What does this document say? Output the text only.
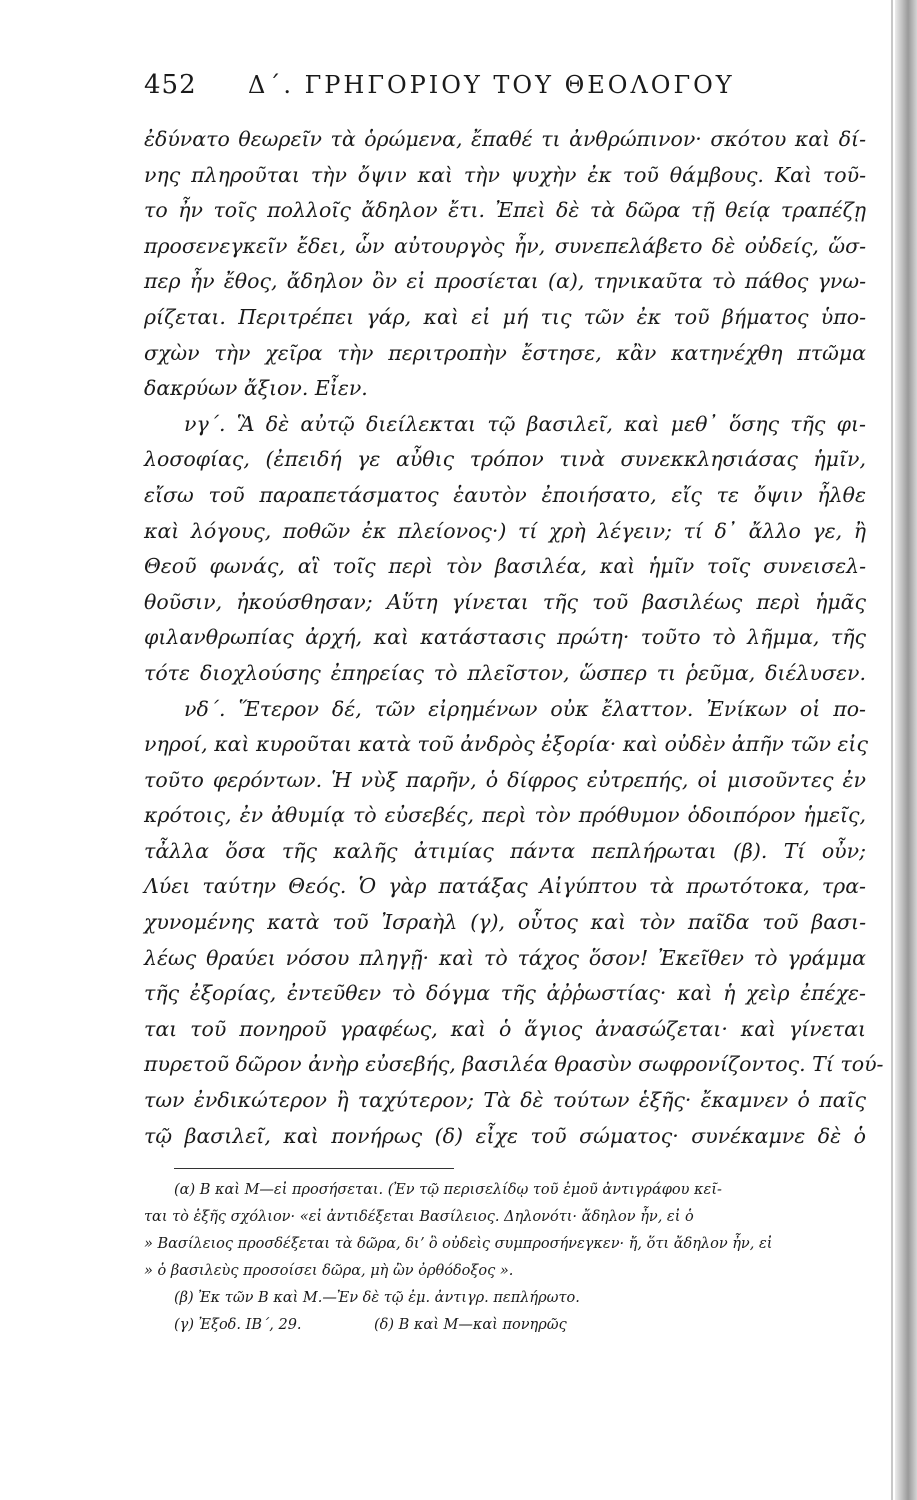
452	Δ΄. ΓΡΗΓΟΡΙΟΥ ΤΟΥ ΘΕΟΛΟΓΟΥ
ἐδύνατο θεωρεῖν τὰ ὁρώμενα, ἔπαθέ τι ἀνθρώπινον· σκότου καὶ δί-
νης πληροῦται τὴν ὄψιν καὶ τὴν ψυχὴν ἐκ τοῦ θάμβους. Καὶ τοῦ-
το ἦν τοῖς πολλοῖς ἄδηλον ἔτι. Ἐπεὶ δὲ τὰ δῶρα τῇ θείᾳ τραπέζῃ
προσενεγκεῖν ἔδει, ὧν αὐτουργὸς ἦν, συνεπελάβετο δὲ οὐδείς, ὥσ-
περ ἦν ἔθος, ἄδηλον ὂν εἰ προσίεται (α), τηνικαῦτα τὸ πάθος γνω-
ρίζεται. Περιτρέπει γάρ, καὶ εἰ μή τις τῶν ἐκ τοῦ βήματος ὑπο-
σχὼν τὴν χεῖρα τὴν περιτροπὴν ἔστησε, κἂν κατηνέχθη πτῶμα
δακρύων ἄξιον. Εἶεν.
νγ΄. Ἃ δὲ αὐτῷ διείλεκται τῷ βασιλεῖ, καὶ μεθ᾽ ὅσης τῆς φι-
λοσοφίας, (ἐπειδή γε αὖθις τρόπον τινὰ συνεκκλησιάσας ἡμῖν,
εἴσω τοῦ παραπετάσματος ἑαυτὸν ἐποιήσατο, εἴς τε ὄψιν ἦλθε
καὶ λόγους, ποθῶν ἐκ πλείονος·) τί χρὴ λέγειν; τί δ᾽ ἄλλο γε, ἢ
Θεοῦ φωνάς, αἳ τοῖς περὶ τὸν βασιλέα, καὶ ἡμῖν τοῖς συνεισελ-
θοῦσιν, ἠκούσθησαν; Αὕτη γίνεται τῆς τοῦ βασιλέως περὶ ἡμᾶς
φιλανθρωπίας ἀρχή, καὶ κατάστασις πρώτη· τοῦτο τὸ λῆμμα, τῆς
τότε διοχλούσης ἐπηρείας τὸ πλεῖστον, ὥσπερ τι ῥεῦμα, διέλυσεν.
νδ΄. Ἕτερον δέ, τῶν εἰρημένων οὐκ ἔλαττον. Ἐνίκων οἱ πο-
νηροί, καὶ κυροῦται κατὰ τοῦ ἀνδρὸς ἐξορία· καὶ οὐδὲν ἀπῆν τῶν εἰς
τοῦτο φερόντων. Ἡ νὺξ παρῆν, ὁ δίφρος εὐτρεπής, οἱ μισοῦντες ἐν
κρότοις, ἐν ἀθυμίᾳ τὸ εὐσεβές, περὶ τὸν πρόθυμον ὁδοιπόρον ἡμεῖς,
τἆλλα ὅσα τῆς καλῆς ἀτιμίας πάντα πεπλήρωται (β). Τί οὖν;
Λύει ταύτην Θεός. Ὁ γὰρ πατάξας Αἰγύπτου τὰ πρωτότοκα, τρα-
χυνομένης κατὰ τοῦ Ἰσραὴλ (γ), οὗτος καὶ τὸν παῖδα τοῦ βασι-
λέως θραύει νόσου πληγῇ· καὶ τὸ τάχος ὅσον! Ἐκεῖθεν τὸ γράμμα
τῆς ἐξορίας, ἐντεῦθεν τὸ δόγμα τῆς ἀῤῥωστίας· καὶ ἡ χεὶρ ἐπέχε-
ται τοῦ πονηροῦ γραφέως, καὶ ὁ ἅγιος ἀνασώζεται· καὶ γίνεται
πυρετοῦ δῶρον ἀνὴρ εὐσεβής, βασιλέα θρασὺν σωφρονίζοντος. Τί τού-
των ἐνδικώτερον ἢ ταχύτερον; Τὰ δὲ τούτων ἑξῆς· ἔκαμνεν ὁ παῖς
τῷ βασιλεῖ, καὶ πονήρως (δ) εἶχε τοῦ σώματος· συνέκαμνε δὲ ὁ
(α) Β καὶ Μ—εἰ προσήσεται. (Ἐν τῷ περισελίδῳ τοῦ ἐμοῦ ἀντιγράφου κεῖ-
ται τὸ ἑξῆς σχόλιον· «εἰ ἀντιδέξεται Βασίλειος. Δηλονότι· ἄδηλον ἦν, εἰ ὁ
» Βασίλειος προσδέξεται τὰ δῶρα, διʼ ὃ οὐδεὶς συμπροσήνεγκεν· ἤ, ὅτι ἄδηλον ἦν, εἰ
» ὁ βασιλεὺς προσοίσει δῶρα, μὴ ὢν ὀρθόδοξος ».
(β) Ἐκ τῶν Β καὶ Μ.—Ἐν δὲ τῷ ἐμ. ἀντιγρ. πεπλήρωτο.
(γ) Ἐξοδ. ΙΒ΄, 29.	(δ) Β καὶ Μ—καὶ πονηρῶς
